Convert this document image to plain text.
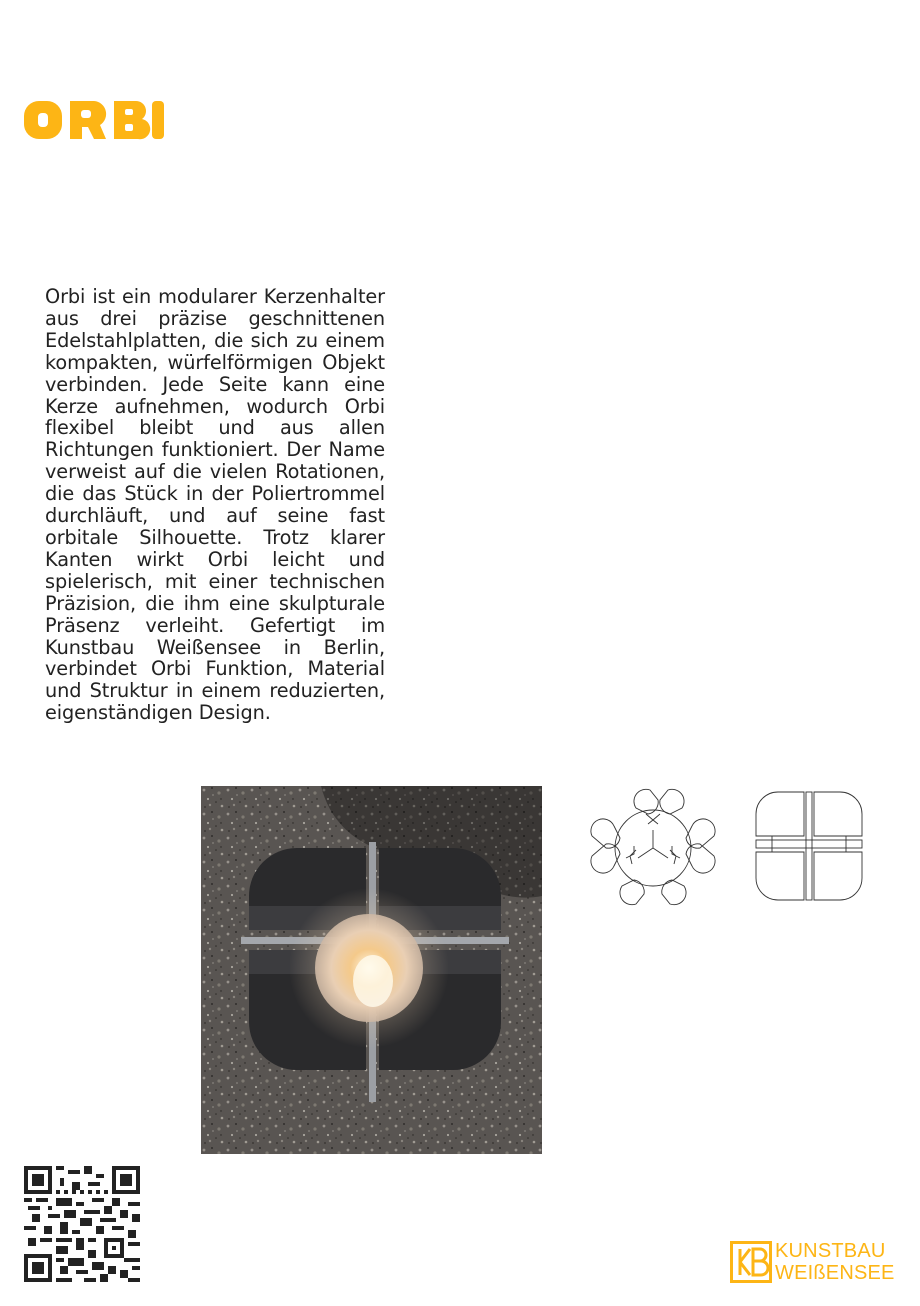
Orbi ist ein modularer Kerzenhalter aus drei präzise geschnittenen Edelstahlplatten, die sich zu einem kompakten, würfelförmigen Objekt verbinden. Jede Seite kann eine Kerze aufnehmen, wodurch Orbi flexibel bleibt und aus allen Richtungen funktioniert. Der Name verweist auf die vielen Rotationen, die das Stück in der Poliertrommel durchläuft, und auf seine fast orbitale Silhouette. Trotz klarer Kanten wirkt Orbi leicht und spielerisch, mit einer technischen Präzision, die ihm eine skulpturale Präsenz verleiht. Gefertigt im Kunstbau Weißensee in Berlin, verbindet Orbi Funktion, Material und Struktur in einem reduzierten, eigenständigen Design.

KUNSTBAU
WEIßENSEE
